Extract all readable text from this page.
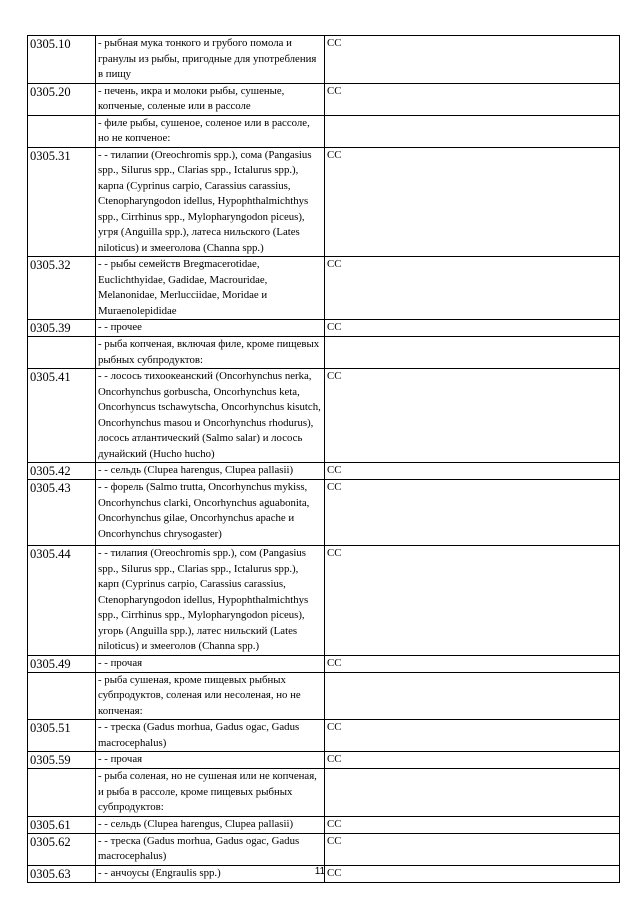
0305.10	- рыбная мука тонкого и грубого помола и гранулы из рыбы, пригодные для употребления в пищу	СС
0305.20	- печень, икра и молоки рыбы, сушеные, копченые, соленые или в рассоле	СС
	- филе рыбы, сушеное, соленое или в рассоле, но не копченое:	
0305.31	- - тилапии (Oreochromis spp.), сома (Pangasius spp., Silurus spp., Clarias spp., Ictalurus spp.), карпа (Cyprinus carpio, Carassius carassius, Ctenopharyngodon idellus, Hypophthalmichthys spp., Cirrhinus spp., Mylopharyngodon piceus), угря (Anguilla spp.), латеса нильского (Lates niloticus) и змееголова (Channa spp.)	СС
0305.32	- - рыбы семейств Bregmacerotidae, Euclichthyidae, Gadidae, Macrouridae, Melanonidae, Merlucciidae, Moridae и Muraenolepididae	СС
0305.39	- - прочее	СС
	- рыба копченая, включая филе, кроме пищевых рыбных субпродуктов:	
0305.41	- - лосось тихоокеанский (Oncorhynchus nerka, Oncorhynchus gorbuscha, Oncorhynchus keta, Oncorhyncus tschawytscha, Oncorhynchus kisutch, Oncorhynchus masou и Oncorhynchus rhodurus), лосось атлантический (Salmo salar) и лосось дунайский (Hucho hucho)	СС
0305.42	- - сельдь (Clupea harengus, Clupea pallasii)	СС
0305.43	- - форель (Salmo trutta, Oncorhynchus mykiss, Oncorhynchus clarki, Oncorhynchus aguabonita, Oncorhynchus gilae, Oncorhynchus apache и Oncorhynchus chrysogaster)	СС
0305.44	- - тилапия (Oreochromis spp.), сом (Pangasius spp., Silurus spp., Clarias spp., Ictalurus spp.), карп (Cyprinus carpio, Carassius carassius, Ctenopharyngodon idellus, Hypophthalmichthys spp., Cirrhinus spp., Mylopharyngodon piceus), угорь (Anguilla spp.), латес нильский (Lates niloticus) и змееголов (Channa spp.)	СС
0305.49	- - прочая	СС
	- рыба сушеная, кроме пищевых рыбных субпродуктов, соленая или несоленая, но не копченая:	
0305.51	- - треска (Gadus morhua, Gadus ogac, Gadus macrocephalus)	СС
0305.59	- - прочая	СС
	- рыба соленая, но не сушеная или не копченая, и рыба в рассоле, кроме пищевых рыбных субпродуктов:	
0305.61	- - сельдь (Clupea harengus, Clupea pallasii)	СС
0305.62	- - треска (Gadus morhua, Gadus ogac, Gadus macrocephalus)	СС
0305.63	- - анчоусы (Engraulis spp.)	СС
11
